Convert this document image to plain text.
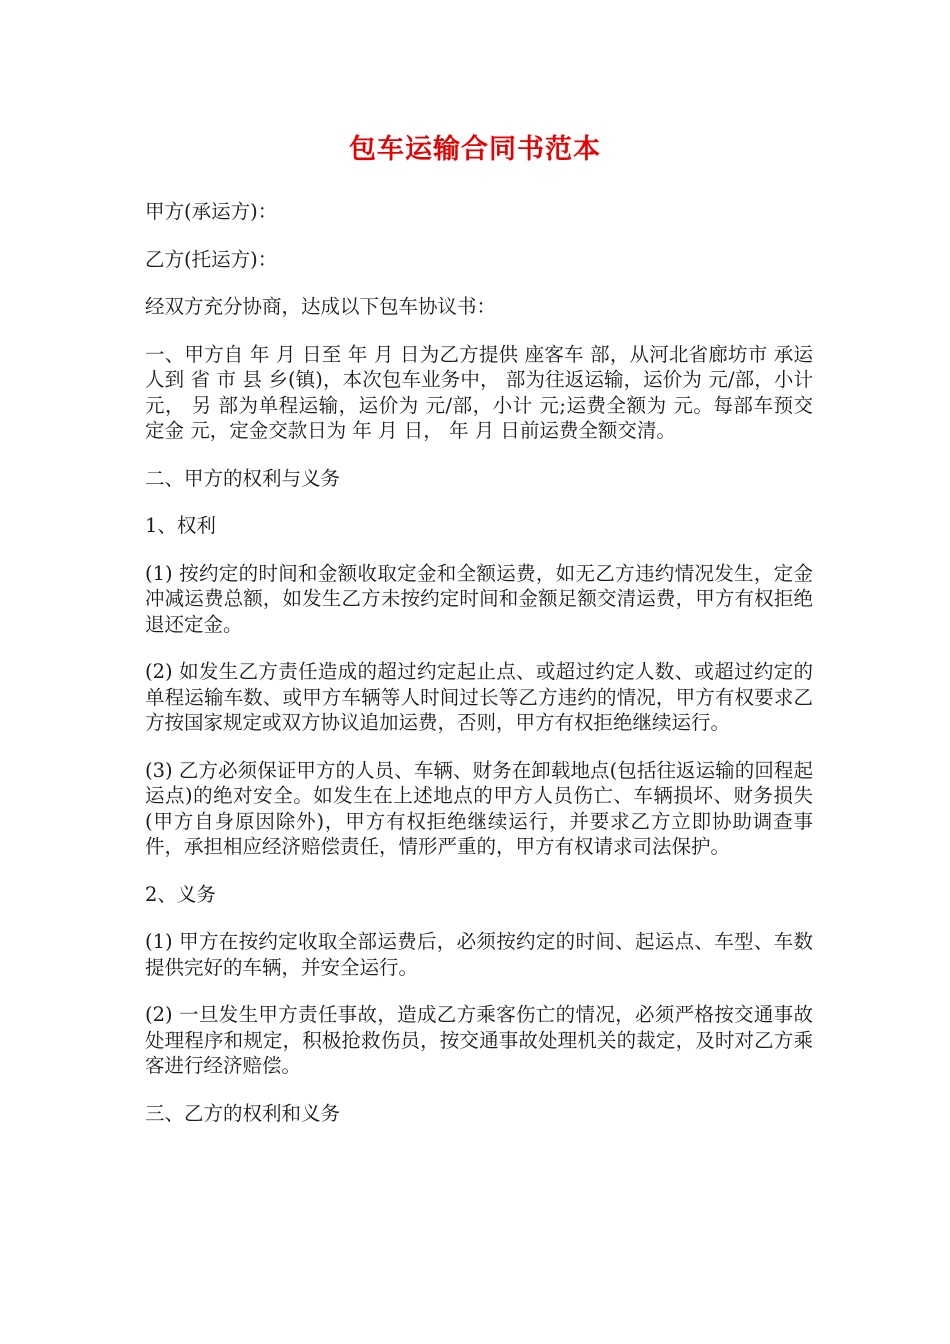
包车运输合同书范本

甲方(承运方)：

乙方(托运方)：

经双方充分协商，达成以下包车协议书：

一、甲方自 年 月 日至 年 月 日为乙方提供 座客车 部，从河北省廊坊市 承运 人到 省 市 县 乡(镇)，本次包车业务中， 部为往返运输，运价为 元/部，小计 元， 另 部为单程运输，运价为 元/部，小计 元;运费全额为 元。每部车预交定金 元，定金交款日为 年 月 日， 年 月 日前运费全额交清。

二、甲方的权利与义务

1、权利

(1) 按约定的时间和金额收取定金和全额运费，如无乙方违约情况发生，定金冲减运费总额，如发生乙方未按约定时间和金额足额交清运费，甲方有权拒绝退还定金。

(2) 如发生乙方责任造成的超过约定起止点、或超过约定人数、或超过约定的单程运输车数、或甲方车辆等人时间过长等乙方违约的情况，甲方有权要求乙方按国家规定或双方协议追加运费，否则，甲方有权拒绝继续运行。

(3) 乙方必须保证甲方的人员、车辆、财务在卸载地点(包括往返运输的回程起运点)的绝对安全。如发生在上述地点的甲方人员伤亡、车辆损坏、财务损失(甲方自身原因除外)，甲方有权拒绝继续运行，并要求乙方立即协助调查事件，承担相应经济赔偿责任，情形严重的，甲方有权请求司法保护。

2、义务

(1) 甲方在按约定收取全部运费后，必须按约定的时间、起运点、车型、车数提供完好的车辆，并安全运行。

(2) 一旦发生甲方责任事故，造成乙方乘客伤亡的情况，必须严格按交通事故处理程序和规定，积极抢救伤员，按交通事故处理机关的裁定，及时对乙方乘客进行经济赔偿。

三、乙方的权利和义务
